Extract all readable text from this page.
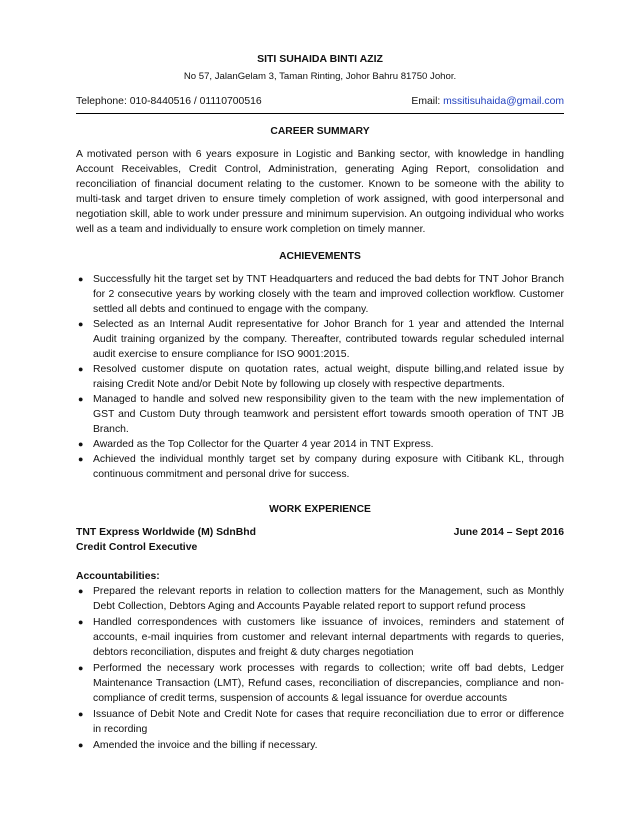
SITI SUHAIDA BINTI AZIZ
No 57, JalanGelam 3, Taman Rinting, Johor Bahru 81750 Johor.
Telephone: 010-8440516 / 01110700516	Email: mssitisuhaida@gmail.com
CAREER SUMMARY
A motivated person with 6 years exposure in Logistic and Banking sector, with knowledge in handling Account Receivables, Credit Control, Administration, generating Aging Report, consolidation and reconciliation of financial document relating to the customer. Known to be someone with the ability to multi-task and target driven to ensure timely completion of work assigned, with good interpersonal and negotiation skill, able to work under pressure and minimum supervision. An outgoing individual who works well as a team and individually to ensure work completion on timely manner.
ACHIEVEMENTS
● Successfully hit the target set by TNT Headquarters and reduced the bad debts for TNT Johor Branch for 2 consecutive years by working closely with the team and improved collection workflow. Customer settled all debts and continued to engage with the company.
● Selected as an Internal Audit representative for Johor Branch for 1 year and attended the Internal Audit training organized by the company. Thereafter, contributed towards regular scheduled internal audit exercise to ensure compliance for ISO 9001:2015.
● Resolved customer dispute on quotation rates, actual weight, dispute billing,and related issue by raising Credit Note and/or Debit Note by following up closely with respective departments.
● Managed to handle and solved new responsibility given to the team with the new implementation of GST and Custom Duty through teamwork and persistent effort towards smooth operation of TNT JB Branch.
● Awarded as the Top Collector for the Quarter 4 year 2014 in TNT Express.
● Achieved the individual monthly target set by company during exposure with Citibank KL, through continuous commitment and personal drive for success.
WORK EXPERIENCE
TNT Express Worldwide (M) SdnBhd	June 2014 – Sept 2016
Credit Control Executive
Accountabilities:
● Prepared the relevant reports in relation to collection matters for the Management, such as Monthly Debt Collection, Debtors Aging and Accounts Payable related report to support refund process
● Handled correspondences with customers like issuance of invoices, reminders and statement of accounts, e-mail inquiries from customer and relevant internal departments with regards to queries, debtors reconciliation, disputes and freight & duty charges negotiation
● Performed the necessary work processes with regards to collection; write off bad debts, Ledger Maintenance Transaction (LMT), Refund cases, reconciliation of discrepancies, compliance and non-compliance of credit terms, suspension of accounts & legal issuance for overdue accounts
● Issuance of Debit Note and Credit Note for cases that require reconciliation due to error or difference in recording
● Amended the invoice and the billing if necessary.
